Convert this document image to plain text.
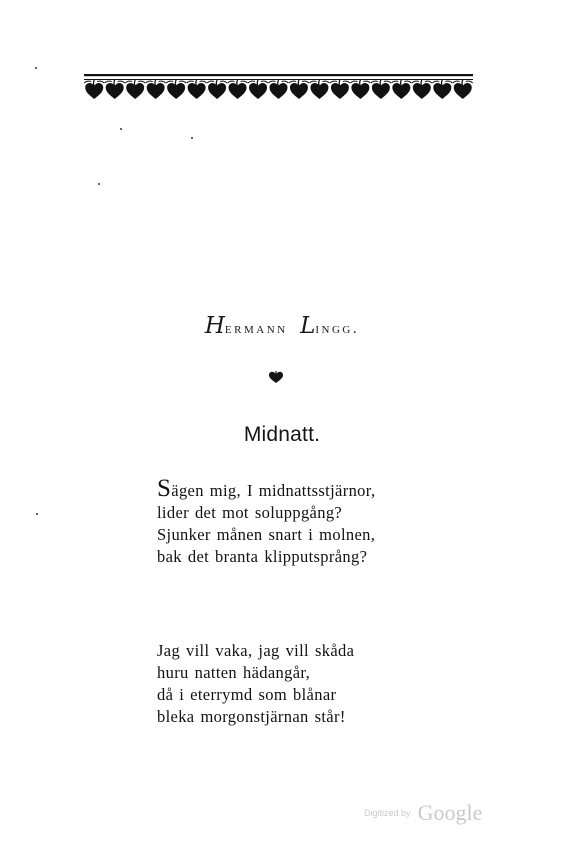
Hermann Lingg.
Midnatt.
Sägen mig, I midnattsstjärnor,
lider det mot soluppgång?
Sjunker månen snart i molnen,
bak det branta klipputsprång?
Jag vill vaka, jag vill skåda
huru natten hädangår,
då i eterrymd som blånar
bleka morgonstjärnan står!
Digitized by Google
